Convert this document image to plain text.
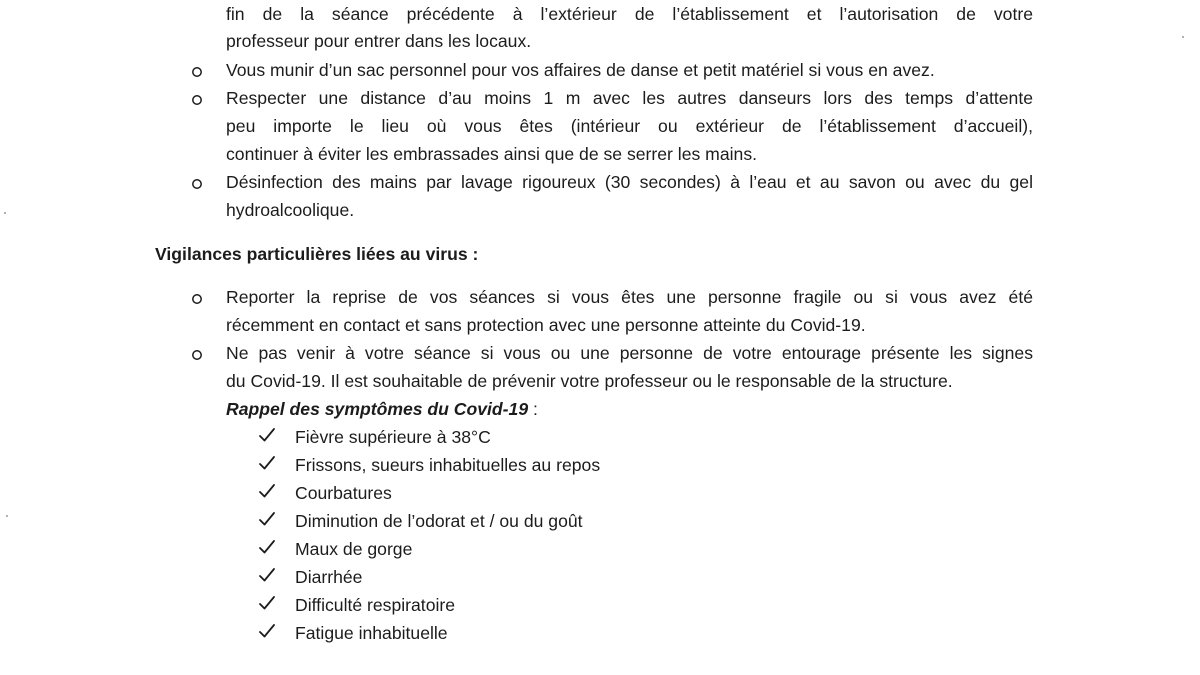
fin de la séance précédente à l’extérieur de l’établissement et l’autorisation de votre
professeur pour entrer dans les locaux.
Vous munir d’un sac personnel pour vos affaires de danse et petit matériel si vous en avez.
Respecter une distance d’au moins 1 m avec les autres danseurs lors des temps d’attente
peu importe le lieu où vous êtes (intérieur ou extérieur de l’établissement d’accueil),
continuer à éviter les embrassades ainsi que de se serrer les mains.
Désinfection des mains par lavage rigoureux (30 secondes) à l’eau et au savon ou avec du gel
hydroalcoolique.
Vigilances particulières liées au virus :
Reporter la reprise de vos séances si vous êtes une personne fragile ou si vous avez été
récemment en contact et sans protection avec une personne atteinte du Covid-19.
Ne pas venir à votre séance si vous ou une personne de votre entourage présente les signes
du Covid-19. Il est souhaitable de prévenir votre professeur ou le responsable de la structure.
Rappel des symptômes du Covid-19 :
Fièvre supérieure à 38°C
Frissons, sueurs inhabituelles au repos
Courbatures
Diminution de l’odorat et / ou du goût
Maux de gorge
Diarrhée
Difficulté respiratoire
Fatigue inhabituelle
